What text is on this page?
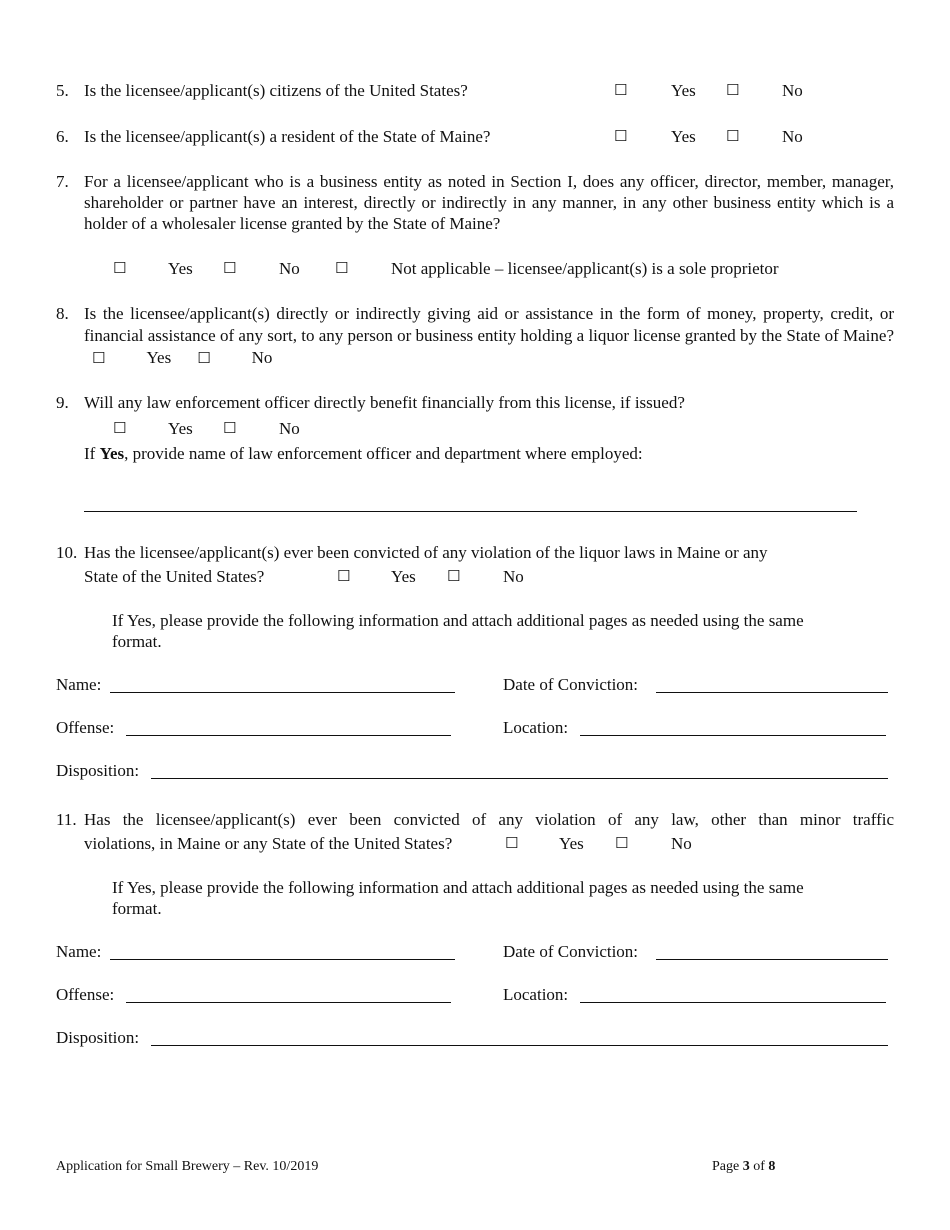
5. Is the licensee/applicant(s) citizens of the United States?	☐	Yes ☐	No
6. Is the licensee/applicant(s) a resident of the State of Maine?	☐	Yes ☐	No
7. For a licensee/applicant who is a business entity as noted in Section I, does any officer, director, member, manager, shareholder or partner have an interest, directly or indirectly in any manner, in any other business entity which is a holder of a wholesaler license granted by the State of Maine?
☐ Yes ☐	No ☐	Not applicable – licensee/applicant(s) is a sole proprietor
8. Is the licensee/applicant(s) directly or indirectly giving aid or assistance in the form of money, property, credit, or financial assistance of any sort, to any person or business entity holding a liquor license granted by the State of Maine?☐ Yes ☐ No
9. Will any law enforcement officer directly benefit financially from this license, if issued?
☐ Yes ☐	No
If Yes, provide name of law enforcement officer and department where employed:
10. Has the licensee/applicant(s) ever been convicted of any violation of the liquor laws in Maine or any
State of the United States?	☐ Yes ☐	No
If Yes, please provide the following information and attach additional pages as needed using the same format.
Name:	Date of Conviction:
Offense:	Location:
Disposition:
11. Has the licensee/applicant(s) ever been convicted of any violation of any law, other than minor traffic
violations, in Maine or any State of the United States?	☐ Yes ☐	No
If Yes, please provide the following information and attach additional pages as needed using the same format.
Name:	Date of Conviction:
Offense:	Location:
Disposition:
Application for Small Brewery – Rev. 10/2019	Page 3 of 8
